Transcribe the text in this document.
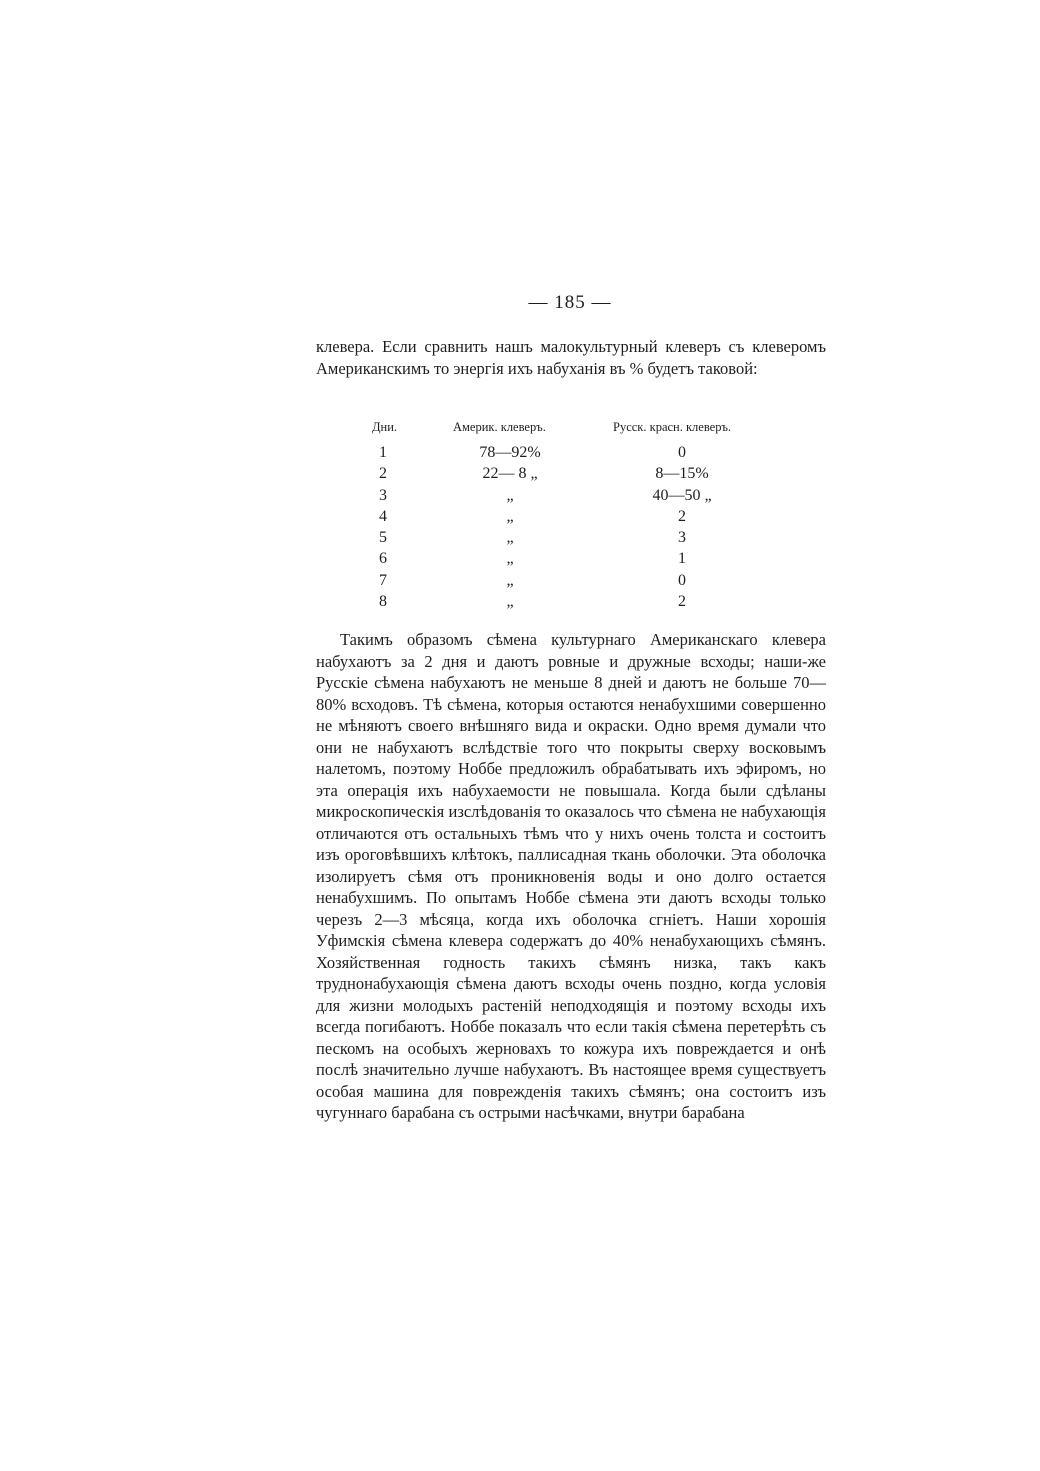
— 185 —

клевера. Если сравнить нашъ малокультурный клеверъ съ клеверомъ Американскимъ то энергія ихъ набуханія въ % будетъ таковой:

Дни.	Америк. клеверъ.	Русск. красн. клеверъ.
1	78—92%	0
2	22— 8 „	8—15%
3	„	40—50 „
4	„	2
5	„	3
6	„	1
7	„	0
8	„	2

Такимъ образомъ сѣмена культурнаго Американскаго клевера набухаютъ за 2 дня и даютъ ровные и дружные всходы; наши-же Русскіе сѣмена набухаютъ не меньше 8 дней и даютъ не больше 70—80% всходовъ. Тѣ сѣмена, которыя остаются ненабухшими совершенно не мѣняютъ своего внѣшняго вида и окраски. Одно время думали что они не набухаютъ вслѣдствіе того что покрыты сверху восковымъ налетомъ, поэтому Ноббе предложилъ обрабатывать ихъ эфиромъ, но эта операція ихъ набухаемости не повышала. Когда были сдѣланы микроскопическія изслѣдованія то оказалось что сѣмена не набухающія отличаются отъ остальныхъ тѣмъ что у нихъ очень толста и состоитъ изъ ороговѣвшихъ клѣтокъ, паллисадная ткань оболочки. Эта оболочка изолируетъ сѣмя отъ проникновенія воды и оно долго остается ненабухшимъ. По опытамъ Ноббе сѣмена эти даютъ всходы только черезъ 2—3 мѣсяца, когда ихъ оболочка сгніетъ. Наши хорошія Уфимскія сѣмена клевера содержатъ до 40% ненабухающихъ сѣмянъ. Хозяйственная годность такихъ сѣмянъ низка, такъ какъ труднонабухающія сѣмена даютъ всходы очень поздно, когда условія для жизни молодыхъ растеній неподходящія и поэтому всходы ихъ всегда погибаютъ. Ноббе показалъ что если такія сѣмена перетерѣть съ пескомъ на особыхъ жерновахъ то кожура ихъ повреждается и онѣ послѣ значительно лучше набухаютъ. Въ настоящее время существуетъ особая машина для поврежденія такихъ сѣмянъ; она состоитъ изъ чугуннаго барабана съ острыми насѣчками, внутри барабана
